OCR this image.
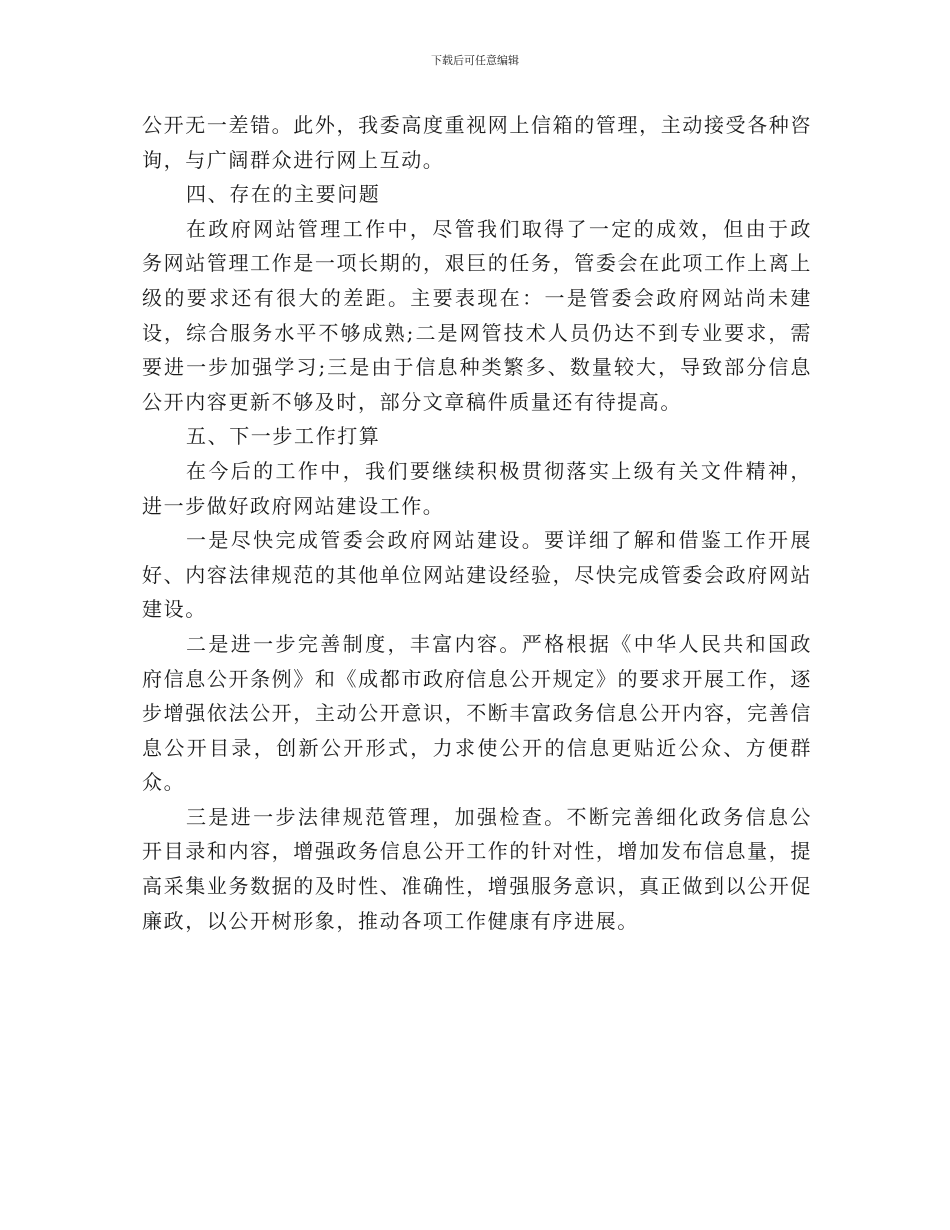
下载后可任意编辑

公开无一差错。此外，我委高度重视网上信箱的管理，主动接受各种咨询，与广阔群众进行网上互动。

四、存在的主要问题

在政府网站管理工作中，尽管我们取得了一定的成效，但由于政务网站管理工作是一项长期的，艰巨的任务，管委会在此项工作上离上级的要求还有很大的差距。主要表现在：一是管委会政府网站尚未建设，综合服务水平不够成熟;二是网管技术人员仍达不到专业要求，需要进一步加强学习;三是由于信息种类繁多、数量较大，导致部分信息公开内容更新不够及时，部分文章稿件质量还有待提高。

五、下一步工作打算

在今后的工作中，我们要继续积极贯彻落实上级有关文件精神，进一步做好政府网站建设工作。

一是尽快完成管委会政府网站建设。要详细了解和借鉴工作开展好、内容法律规范的其他单位网站建设经验，尽快完成管委会政府网站建设。

二是进一步完善制度，丰富内容。严格根据《中华人民共和国政府信息公开条例》和《成都市政府信息公开规定》的要求开展工作，逐步增强依法公开，主动公开意识，不断丰富政务信息公开内容，完善信息公开目录，创新公开形式，力求使公开的信息更贴近公众、方便群众。

三是进一步法律规范管理，加强检查。不断完善细化政务信息公开目录和内容，增强政务信息公开工作的针对性，增加发布信息量，提高采集业务数据的及时性、准确性，增强服务意识，真正做到以公开促廉政，以公开树形象，推动各项工作健康有序进展。
